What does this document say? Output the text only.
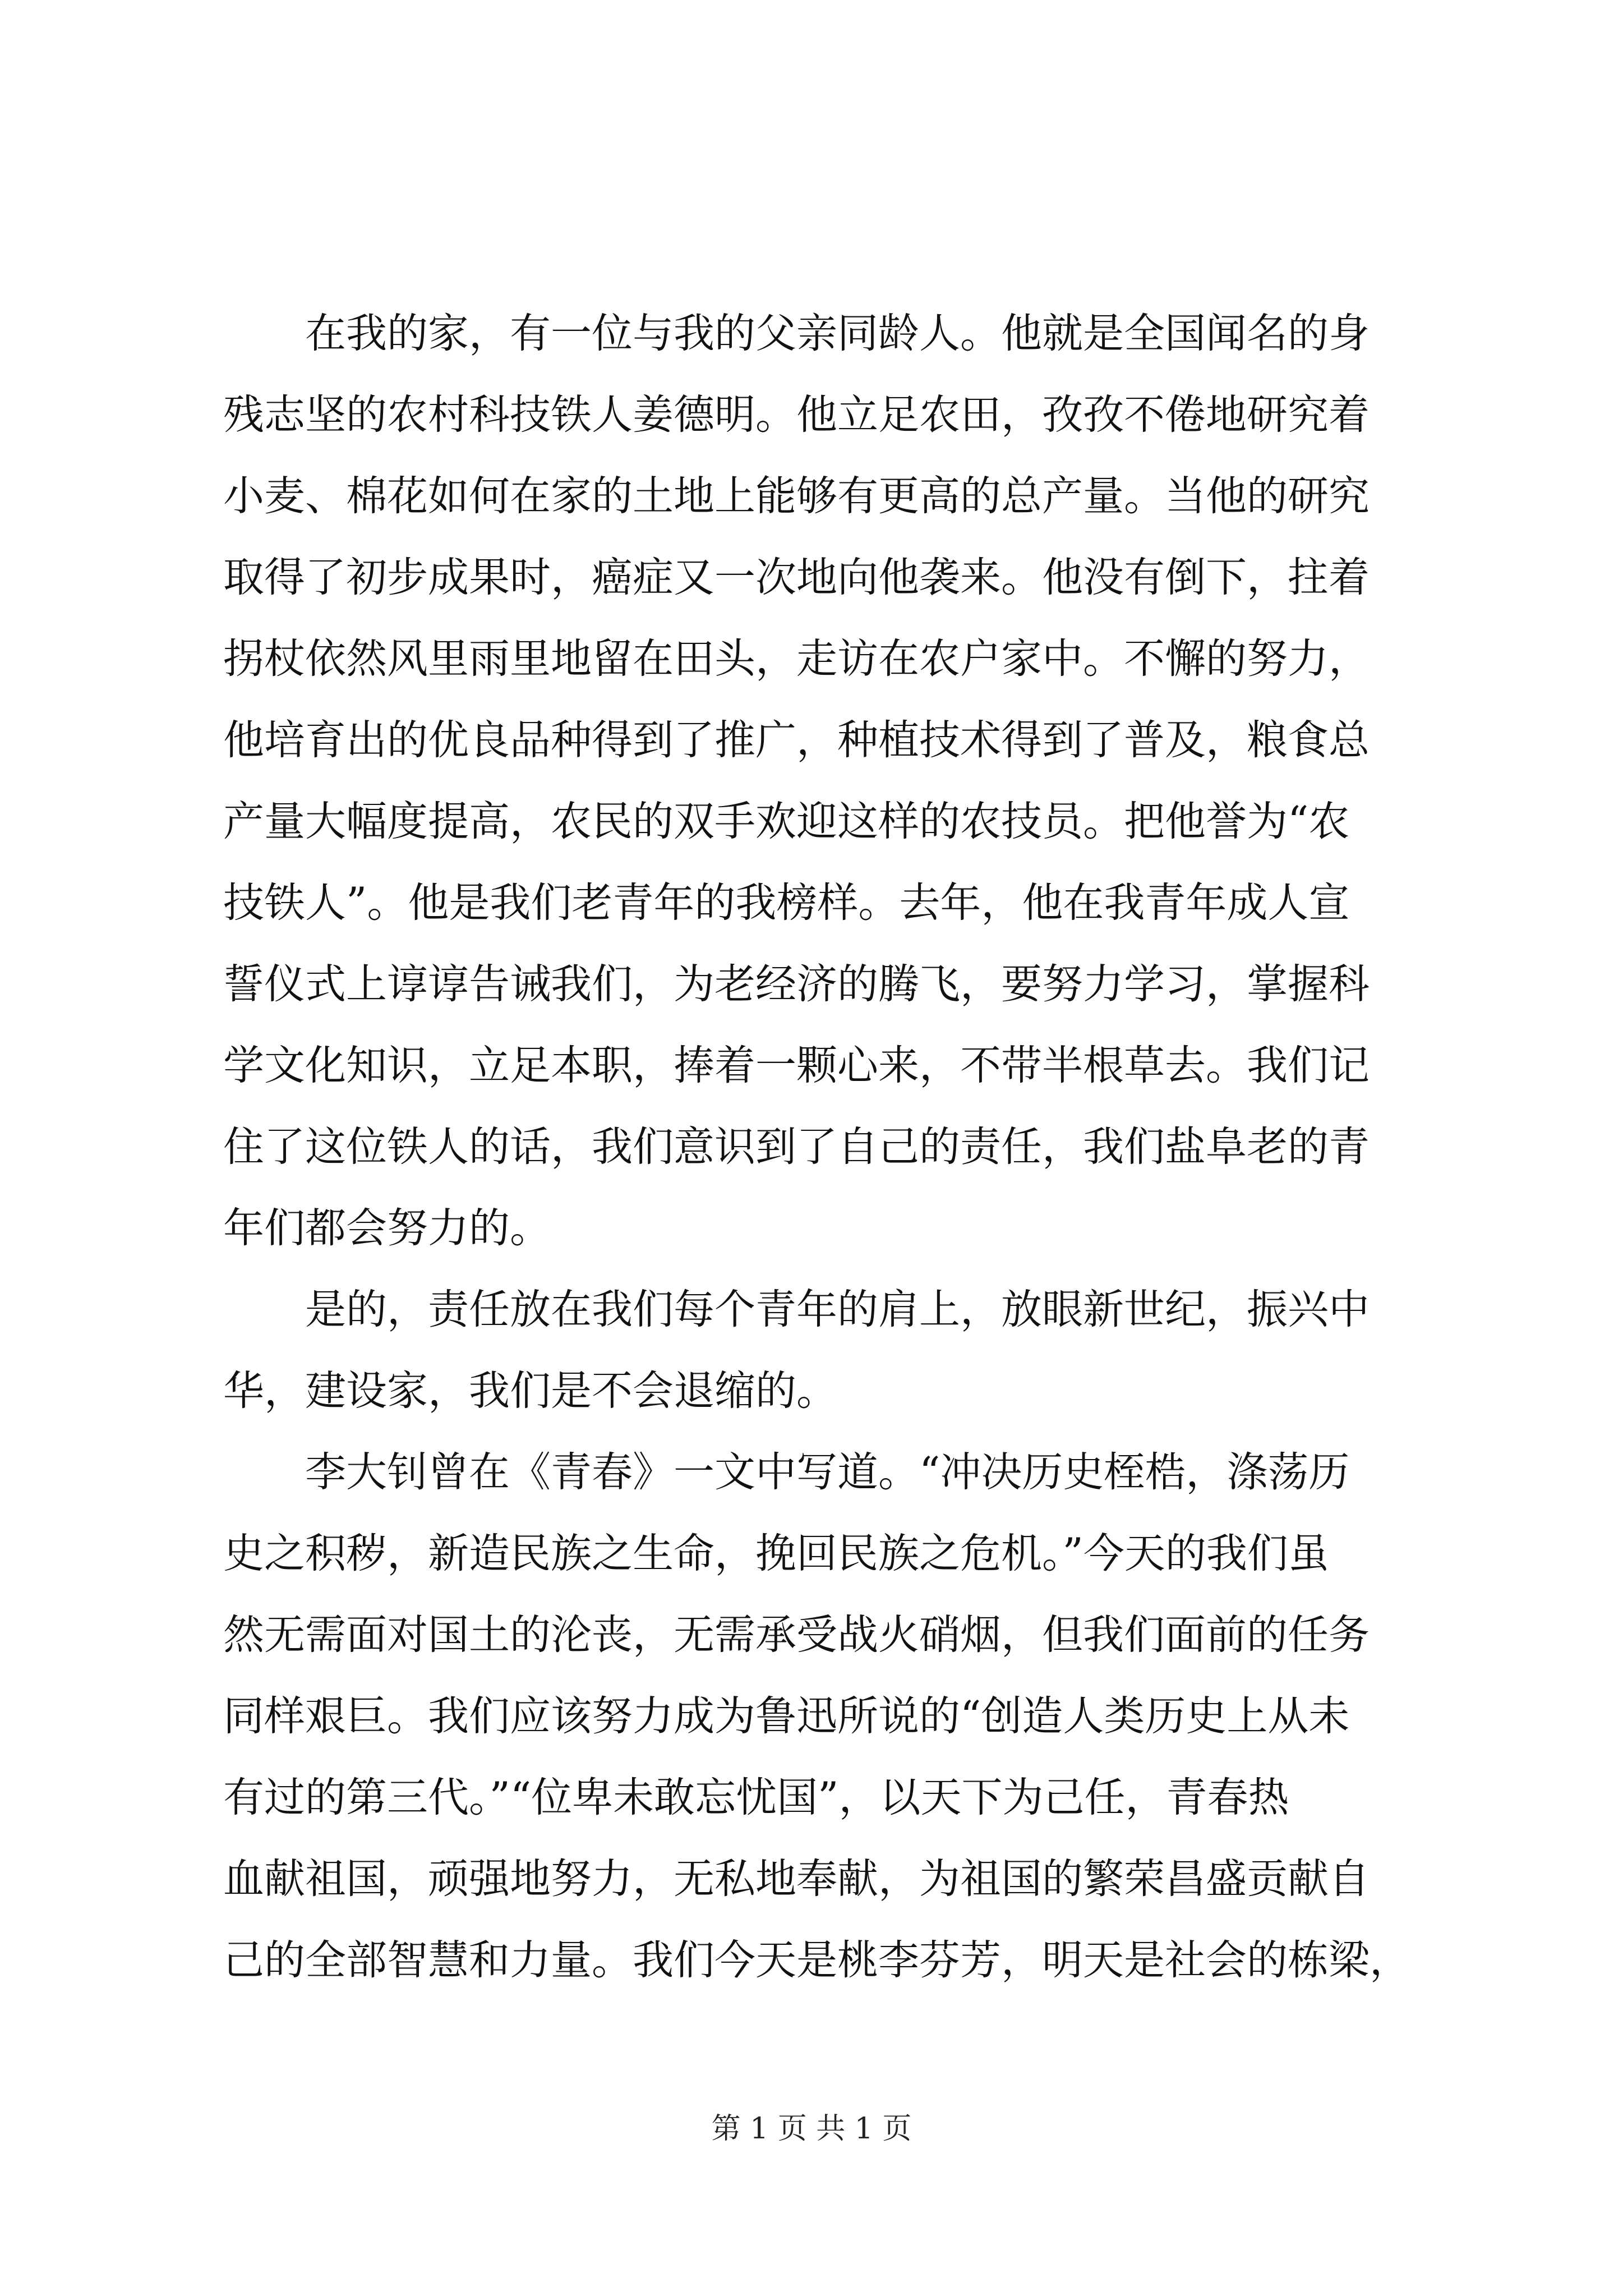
　　在我的家，有一位与我的父亲同龄人。他就是全国闻名的身
残志坚的农村科技铁人姜德明。他立足农田，孜孜不倦地研究着
小麦、棉花如何在家的土地上能够有更高的总产量。当他的研究
取得了初步成果时，癌症又一次地向他袭来。他没有倒下，拄着
拐杖依然风里雨里地留在田头，走访在农户家中。不懈的努力，
他培育出的优良品种得到了推广，种植技术得到了普及，粮食总
产量大幅度提高，农民的双手欢迎这样的农技员。把他誉为“农
技铁人”。他是我们老青年的我榜样。去年，他在我青年成人宣
誓仪式上谆谆告诫我们，为老经济的腾飞，要努力学习，掌握科
学文化知识，立足本职，捧着一颗心来，不带半根草去。我们记
住了这位铁人的话，我们意识到了自己的责任，我们盐阜老的青
年们都会努力的。
　　是的，责任放在我们每个青年的肩上，放眼新世纪，振兴中
华，建设家，我们是不会退缩的。
　　李大钊曾在《青春》一文中写道。“冲决历史桎梏，涤荡历
史之积秽，新造民族之生命，挽回民族之危机。”今天的我们虽
然无需面对国土的沦丧，无需承受战火硝烟，但我们面前的任务
同样艰巨。我们应该努力成为鲁迅所说的“创造人类历史上从未
有过的第三代。”“位卑未敢忘忧国”，以天下为己任，青春热
血献祖国，顽强地努力，无私地奉献，为祖国的繁荣昌盛贡献自
己的全部智慧和力量。我们今天是桃李芬芳，明天是社会的栋梁，
第 1 页 共 1 页
